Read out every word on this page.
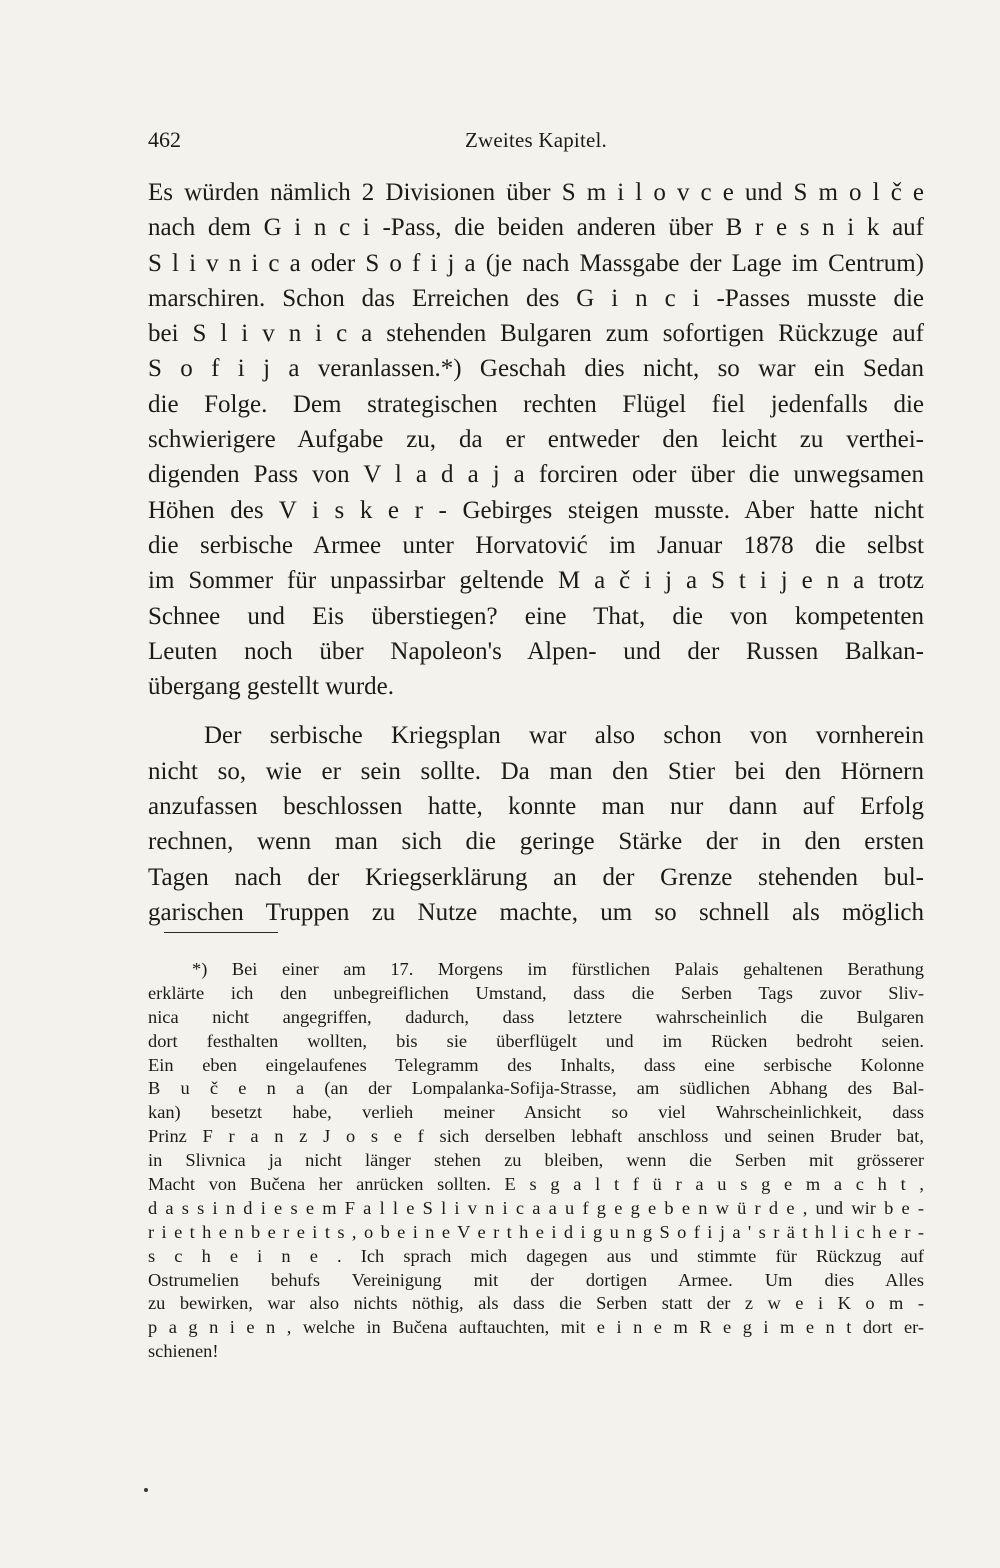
462	Zweites Kapitel.
Es würden nämlich 2 Divisionen über S m i l o v c e und S m o l č e
nach dem G i n c i -Pass, die beiden anderen über B r e s n i k auf
S l i v n i c a oder S o f i j a (je nach Massgabe der Lage im Centrum)
marschiren. Schon das Erreichen des G i n c i -Passes musste die
bei S l i v n i c a stehenden Bulgaren zum sofortigen Rückzuge auf
S o f i j a veranlassen.*) Geschah dies nicht, so war ein Sedan
die Folge. Dem strategischen rechten Flügel fiel jedenfalls die
schwierigere Aufgabe zu, da er entweder den leicht zu verthei-
digenden Pass von V l a d a j a forciren oder über die unwegsamen
Höhen des V i s k e r - Gebirges steigen musste. Aber hatte nicht
die serbische Armee unter Horvatović im Januar 1878 die selbst
im Sommer für unpassirbar geltende M a č i j a S t i j e n a trotz
Schnee und Eis überstiegen? eine That, die von kompetenten
Leuten noch über Napoleon's Alpen- und der Russen Balkan-
übergang gestellt wurde.
Der serbische Kriegsplan war also schon von vornherein
nicht so, wie er sein sollte. Da man den Stier bei den Hörnern
anzufassen beschlossen hatte, konnte man nur dann auf Erfolg
rechnen, wenn man sich die geringe Stärke der in den ersten
Tagen nach der Kriegserklärung an der Grenze stehenden bul-
garischen Truppen zu Nutze machte, um so schnell als möglich
*) Bei einer am 17. Morgens im fürstlichen Palais gehaltenen Berathung
erklärte ich den unbegreiflichen Umstand, dass die Serben Tags zuvor Sliv-
nica nicht angegriffen, dadurch, dass letztere wahrscheinlich die Bulgaren
dort festhalten wollten, bis sie überflügelt und im Rücken bedroht seien.
Ein eben eingelaufenes Telegramm des Inhalts, dass eine serbische Kolonne
B u č e n a (an der Lompalanka-Sofija-Strasse, am südlichen Abhang des Bal-
kan) besetzt habe, verlieh meiner Ansicht so viel Wahrscheinlichkeit, dass
Prinz F r a n z J o s e f sich derselben lebhaft anschloss und seinen Bruder bat,
in Slivnica ja nicht länger stehen zu bleiben, wenn die Serben mit grösserer
Macht von Bučena her anrücken sollten. E s g a l t f ü r a u s g e m a c h t ,
d a s s i n d i e s e m F a l l e S l i v n i c a a u f g e g e b e n w ü r d e , und wir b e -
r i e t h e n b e r e i t s , o b e i n e V e r t h e i d i g u n g S o f i j a ' s r ä t h l i c h e r -
s c h e i n e . Ich sprach mich dagegen aus und stimmte für Rückzug auf
Ostrumelien behufs Vereinigung mit der dortigen Armee. Um dies Alles
zu bewirken, war also nichts nöthig, als dass die Serben statt der z w e i K o m -
p a g n i e n , welche in Bučena auftauchten, mit e i n e m R e g i m e n t dort er-
schienen!
